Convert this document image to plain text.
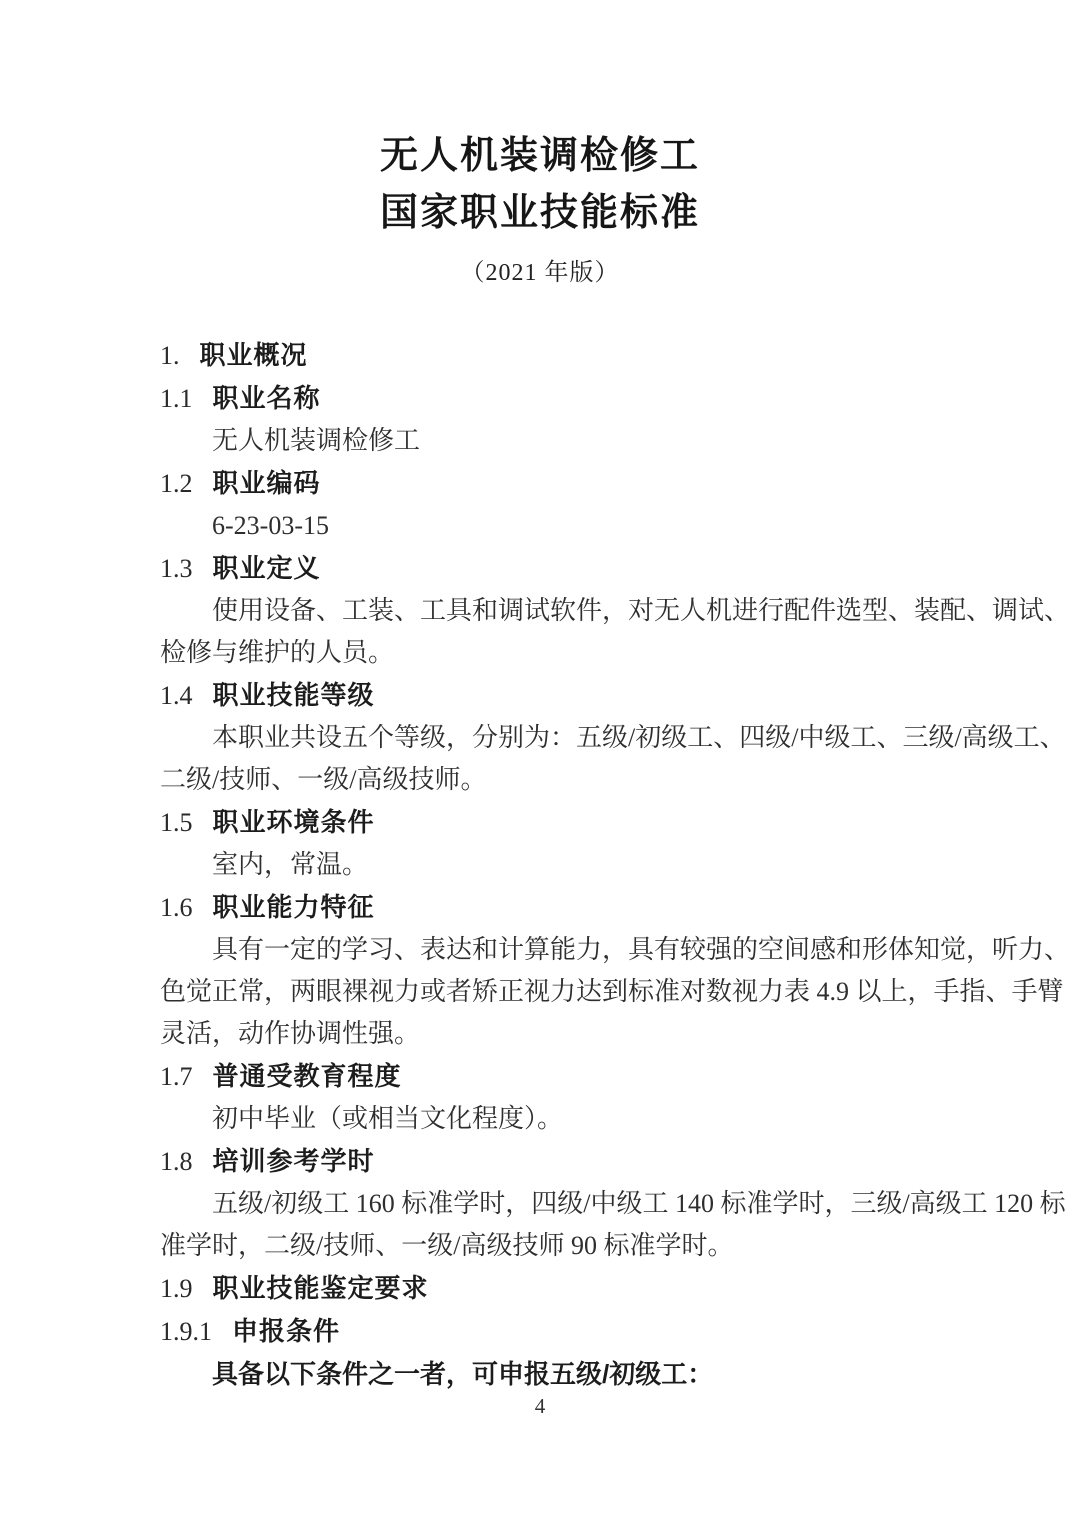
无人机装调检修工
国家职业技能标准
（2021 年版）
1. 职业概况
1.1 职业名称
无人机装调检修工
1.2 职业编码
6-23-03-15
1.3 职业定义
使用设备、工装、工具和调试软件，对无人机进行配件选型、装配、调试、
检修与维护的人员。
1.4 职业技能等级
本职业共设五个等级，分别为：五级/初级工、四级/中级工、三级/高级工、
二级/技师、一级/高级技师。
1.5 职业环境条件
室内，常温。
1.6 职业能力特征
具有一定的学习、表达和计算能力，具有较强的空间感和形体知觉，听力、
色觉正常，两眼裸视力或者矫正视力达到标准对数视力表 4.9 以上，手指、手臂
灵活，动作协调性强。
1.7 普通受教育程度
初中毕业（或相当文化程度）。
1.8 培训参考学时
五级/初级工 160 标准学时，四级/中级工 140 标准学时，三级/高级工 120 标
准学时，二级/技师、一级/高级技师 90 标准学时。
1.9 职业技能鉴定要求
1.9.1 申报条件
具备以下条件之一者，可申报五级/初级工：
4
